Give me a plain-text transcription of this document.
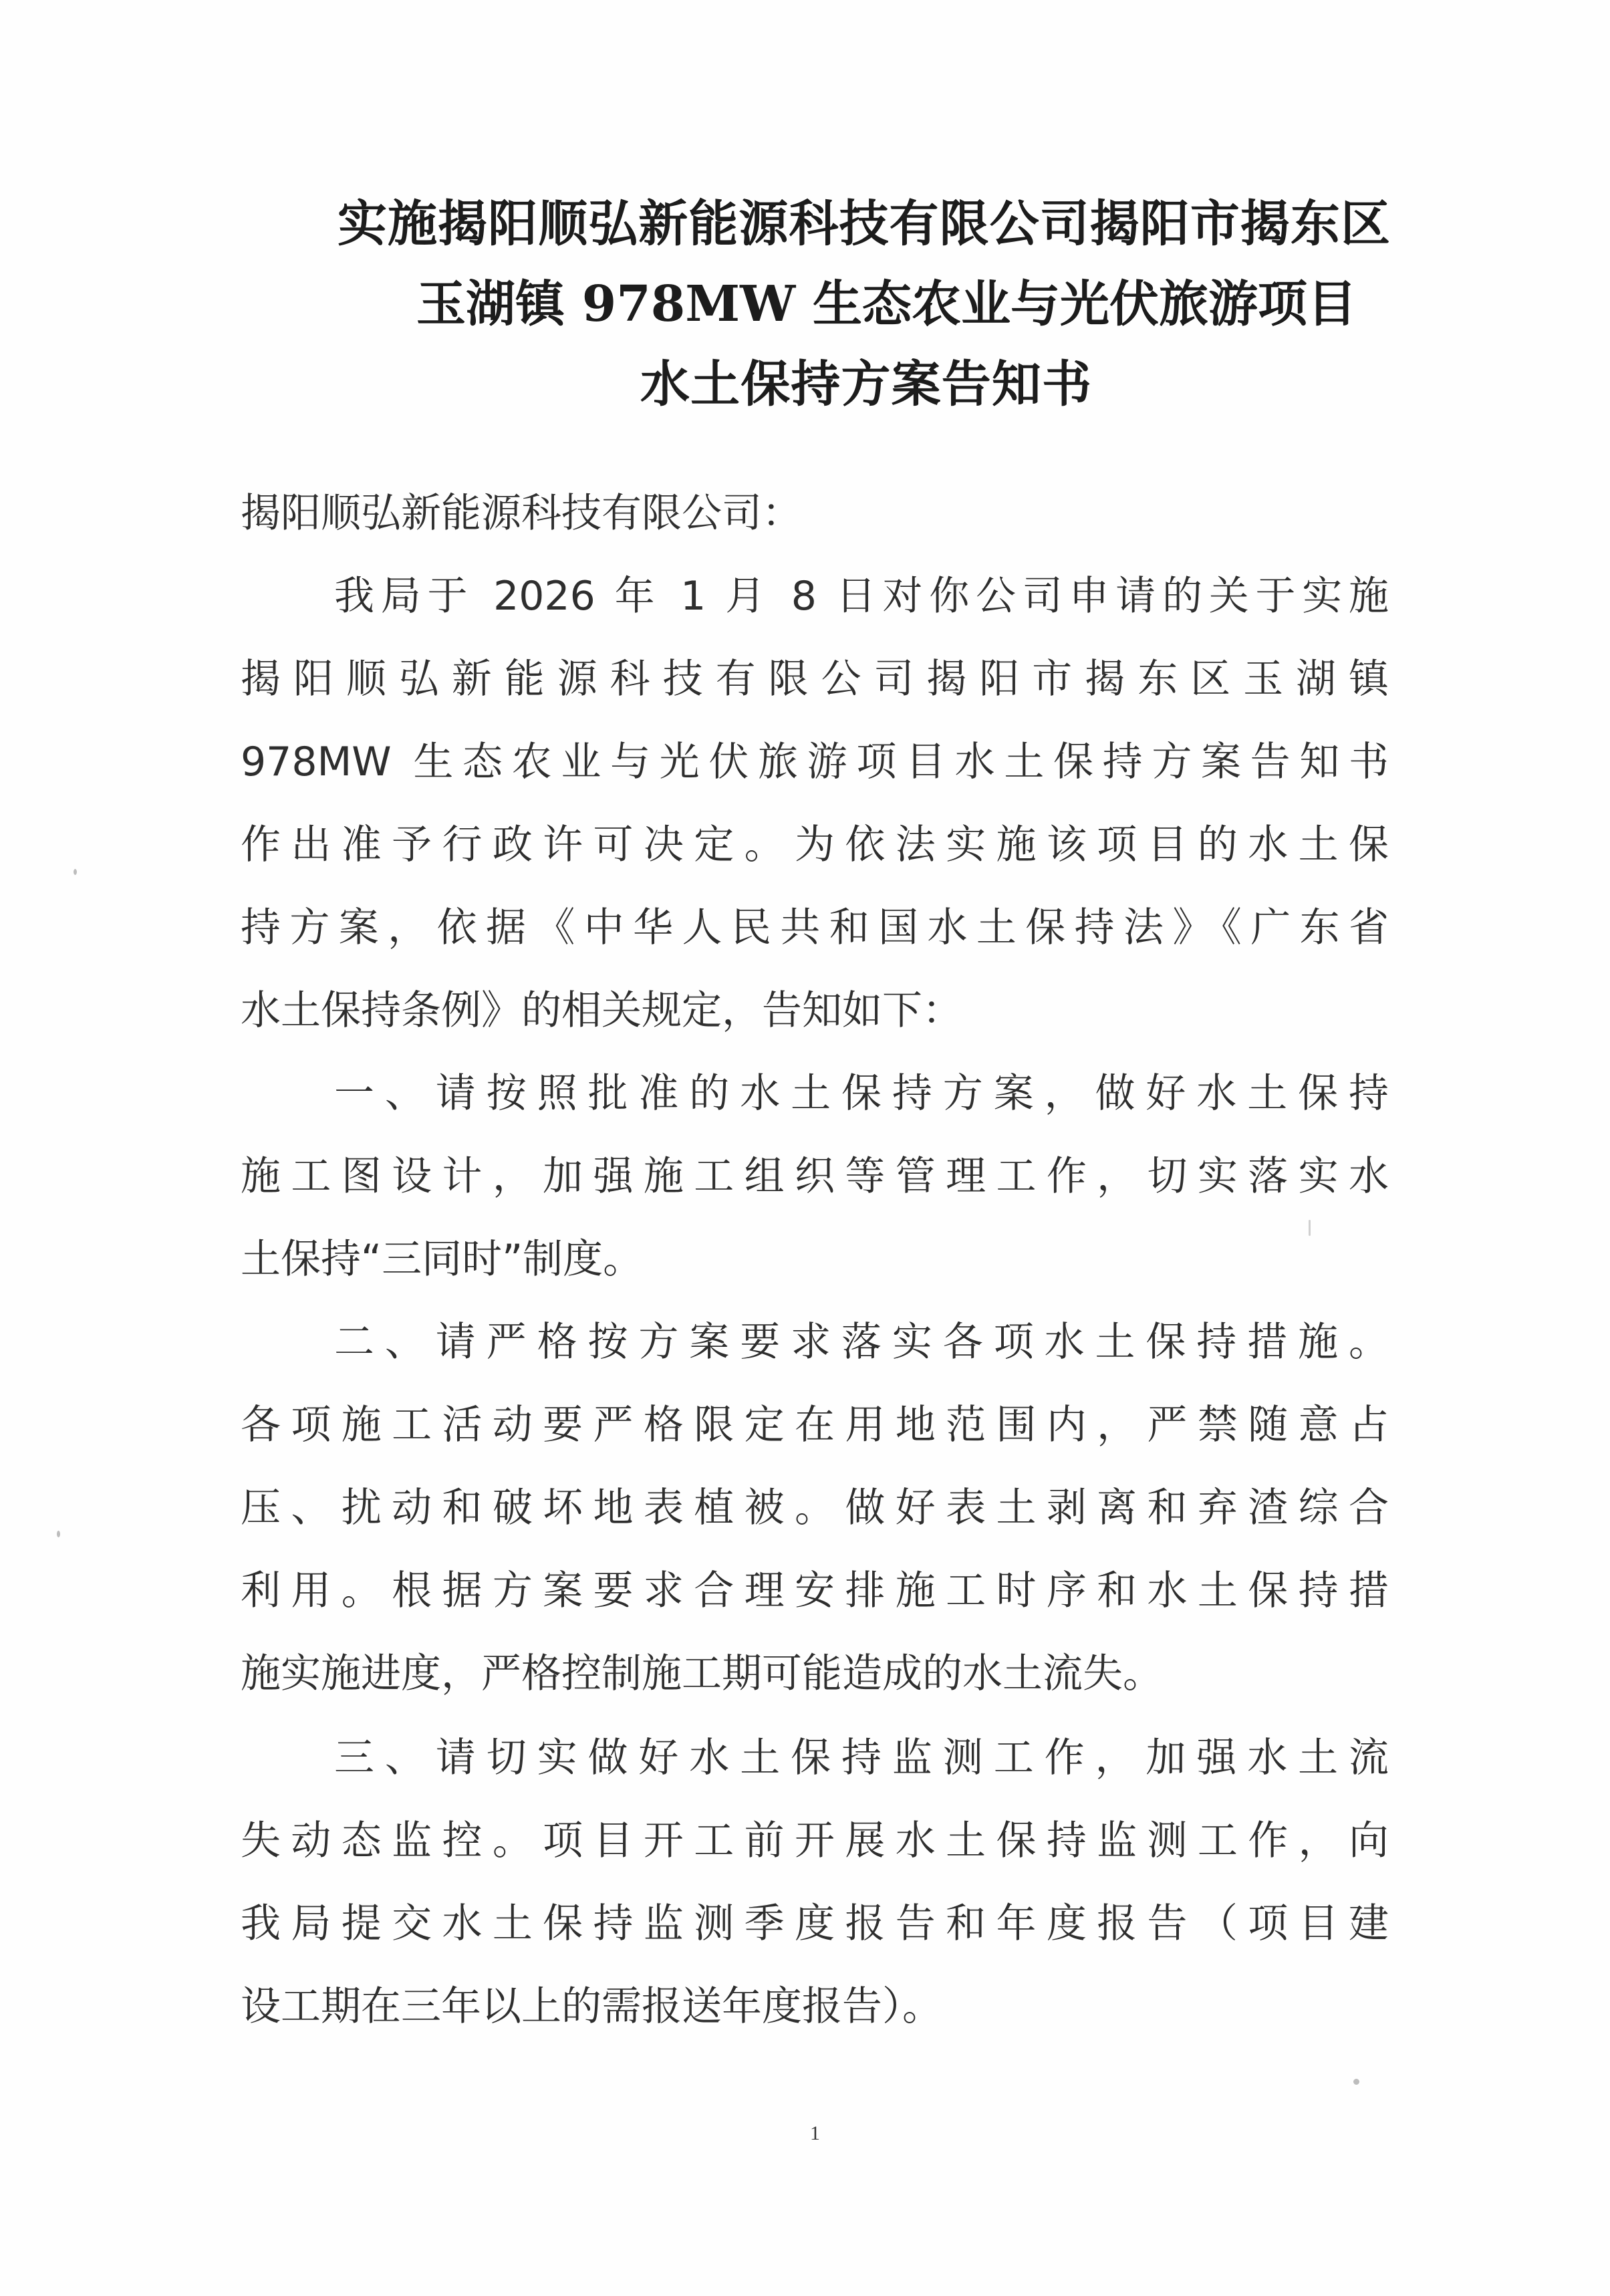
实施揭阳顺弘新能源科技有限公司揭阳市揭东区
玉湖镇 978MW 生态农业与光伏旅游项目
水土保持方案告知书
揭阳顺弘新能源科技有限公司：
我局于 2026 年 1 月 8 日对你公司申请的关于实施
揭阳顺弘新能源科技有限公司揭阳市揭东区玉湖镇
978MW 生态农业与光伏旅游项目水土保持方案告知书
作出准予行政许可决定。为依法实施该项目的水土保
持方案，依据《中华人民共和国水土保持法》《广东省
水土保持条例》的相关规定，告知如下：
一、请按照批准的水土保持方案，做好水土保持
施工图设计，加强施工组织等管理工作，切实落实水
土保持“三同时”制度。
二、请严格按方案要求落实各项水土保持措施。
各项施工活动要严格限定在用地范围内，严禁随意占
压、扰动和破坏地表植被。做好表土剥离和弃渣综合
利用。根据方案要求合理安排施工时序和水土保持措
施实施进度，严格控制施工期可能造成的水土流失。
三、请切实做好水土保持监测工作，加强水土流
失动态监控。项目开工前开展水土保持监测工作，向
我局提交水土保持监测季度报告和年度报告（项目建
设工期在三年以上的需报送年度报告）。
1
